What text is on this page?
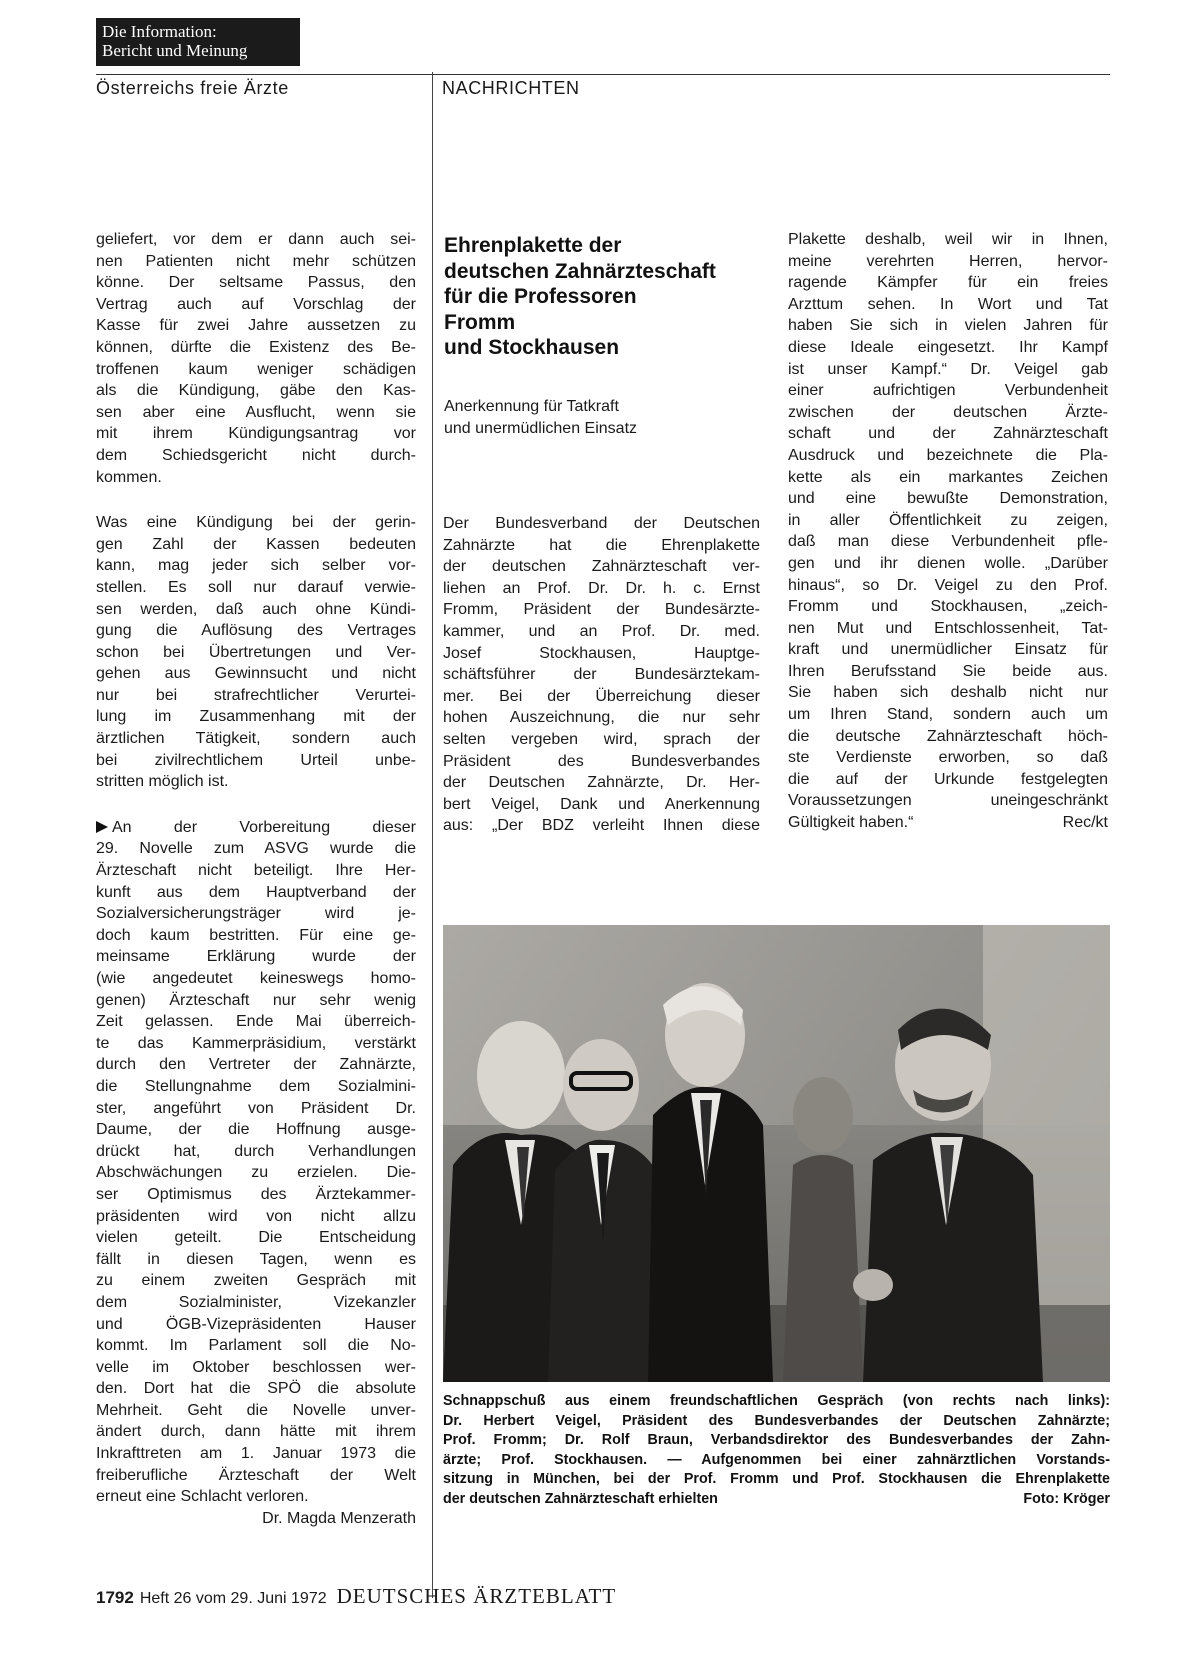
Die Information:
Bericht und Meinung
Österreichs freie Ärzte	NACHRICHTEN

geliefert, vor dem er dann auch sei-
nen Patienten nicht mehr schützen
könne. Der seltsame Passus, den
Vertrag auch auf Vorschlag der
Kasse für zwei Jahre aussetzen zu
können, dürfte die Existenz des Be-
troffenen kaum weniger schädigen
als die Kündigung, gäbe den Kas-
sen aber eine Ausflucht, wenn sie
mit ihrem Kündigungsantrag vor
dem Schiedsgericht nicht durch-
kommen.

Was eine Kündigung bei der gerin-
gen Zahl der Kassen bedeuten
kann, mag jeder sich selber vor-
stellen. Es soll nur darauf verwie-
sen werden, daß auch ohne Kündi-
gung die Auflösung des Vertrages
schon bei Übertretungen und Ver-
gehen aus Gewinnsucht und nicht
nur bei strafrechtlicher Verurtei-
lung im Zusammenhang mit der
ärztlichen Tätigkeit, sondern auch
bei zivilrechtlichem Urteil unbe-
stritten möglich ist.

An der Vorbereitung dieser
29. Novelle zum ASVG wurde die
Ärzteschaft nicht beteiligt. Ihre Her-
kunft aus dem Hauptverband der
Sozialversicherungsträger wird je-
doch kaum bestritten. Für eine ge-
meinsame Erklärung wurde der
(wie angedeutet keineswegs homo-
genen) Ärzteschaft nur sehr wenig
Zeit gelassen. Ende Mai überreich-
te das Kammerpräsidium, verstärkt
durch den Vertreter der Zahnärzte,
die Stellungnahme dem Sozialmini-
ster, angeführt von Präsident Dr.
Daume, der die Hoffnung ausge-
drückt hat, durch Verhandlungen
Abschwächungen zu erzielen. Die-
ser Optimismus des Ärztekammer-
präsidenten wird von nicht allzu
vielen geteilt. Die Entscheidung
fällt in diesen Tagen, wenn es
zu einem zweiten Gespräch mit
dem Sozialminister, Vizekanzler
und ÖGB-Vizepräsidenten Hauser
kommt. Im Parlament soll die No-
velle im Oktober beschlossen wer-
den. Dort hat die SPÖ die absolute
Mehrheit. Geht die Novelle unver-
ändert durch, dann hätte mit ihrem
Inkrafttreten am 1. Januar 1973 die
freiberufliche Ärzteschaft der Welt
erneut eine Schlacht verloren.
Dr. Magda Menzerath

Ehrenplakette der
deutschen Zahnärzteschaft
für die Professoren
Fromm
und Stockhausen
Anerkennung für Tatkraft
und unermüdlichen Einsatz
Der Bundesverband der Deutschen
Zahnärzte hat die Ehrenplakette
der deutschen Zahnärzteschaft ver-
liehen an Prof. Dr. Dr. h. c. Ernst
Fromm, Präsident der Bundesärzte-
kammer, und an Prof. Dr. med.
Josef Stockhausen, Hauptge-
schäftsführer der Bundesärztekam-
mer. Bei der Überreichung dieser
hohen Auszeichnung, die nur sehr
selten vergeben wird, sprach der
Präsident des Bundesverbandes
der Deutschen Zahnärzte, Dr. Her-
bert Veigel, Dank und Anerkennung
aus: „Der BDZ verleiht Ihnen diese
Plakette deshalb, weil wir in Ihnen,
meine verehrten Herren, hervor-
ragende Kämpfer für ein freies
Arzttum sehen. In Wort und Tat
haben Sie sich in vielen Jahren für
diese Ideale eingesetzt. Ihr Kampf
ist unser Kampf.“ Dr. Veigel gab
einer aufrichtigen Verbundenheit
zwischen der deutschen Ärzte-
schaft und der Zahnärzteschaft
Ausdruck und bezeichnete die Pla-
kette als ein markantes Zeichen
und eine bewußte Demonstration,
in aller Öffentlichkeit zu zeigen,
daß man diese Verbundenheit pfle-
gen und ihr dienen wolle. „Darüber
hinaus“, so Dr. Veigel zu den Prof.
Fromm und Stockhausen, „zeich-
nen Mut und Entschlossenheit, Tat-
kraft und unermüdlicher Einsatz für
Ihren Berufsstand Sie beide aus.
Sie haben sich deshalb nicht nur
um Ihren Stand, sondern auch um
die deutsche Zahnärzteschaft höch-
ste Verdienste erworben, so daß
die auf der Urkunde festgelegten
Voraussetzungen uneingeschränkt
Gültigkeit haben.“	Rec/kt
Schnappschuß aus einem freundschaftlichen Gespräch (von rechts nach links):
Dr. Herbert Veigel, Präsident des Bundesverbandes der Deutschen Zahnärzte;
Prof. Fromm; Dr. Rolf Braun, Verbandsdirektor des Bundesverbandes der Zahn-
ärzte; Prof. Stockhausen. — Aufgenommen bei einer zahnärztlichen Vorstands-
sitzung in München, bei der Prof. Fromm und Prof. Stockhausen die Ehrenplakette
der deutschen Zahnärzteschaft erhielten	Foto: Kröger
1792 Heft 26 vom 29. Juni 1972 DEUTSCHES ÄRZTEBLATT
